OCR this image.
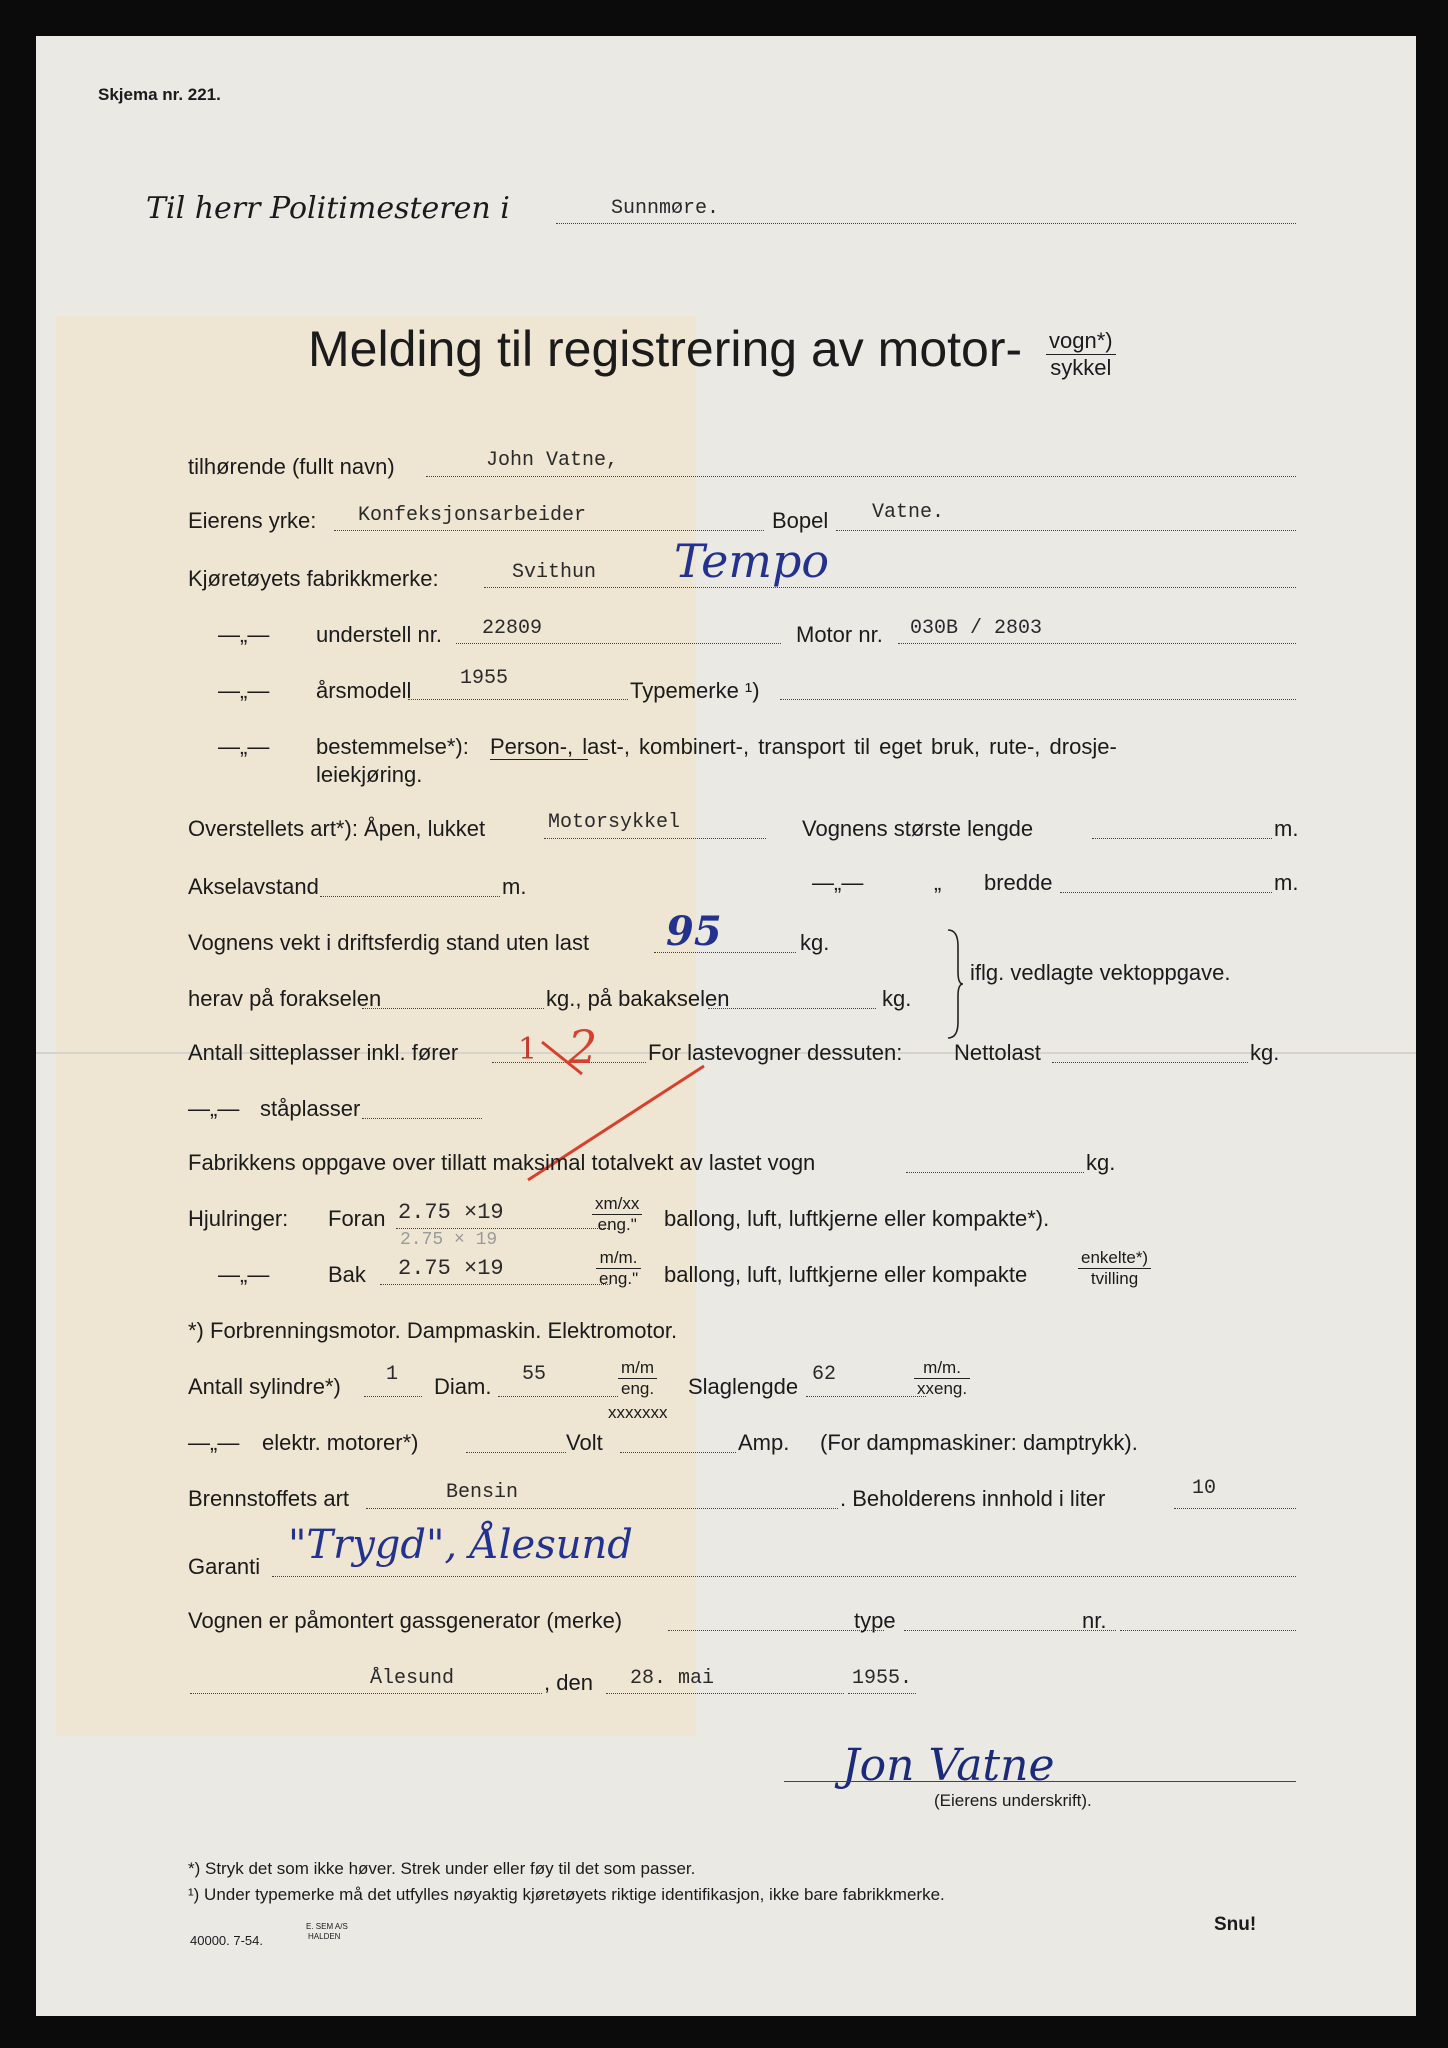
Skjema nr. 221.
Til herr Politimesteren i	Sunnmøre.
Melding til registrering av motor- vogn*)
sykkel
tilhørende (fullt navn)	John Vatne,
Eierens yrke: Konfeksjonsarbeider	Bopel Vatne.
Kjøretøyets fabrikkmerke:	Svithun Tempo
—„— understell nr. 22809	Motor nr. 030B / 2803
—„— årsmodell 1955	Typemerke ¹)
—„— bestemmelse*): Person-, last-, kombinert-, transport til eget bruk, rute-, drosje-
leiekjøring.
Overstellets art*): Åpen, lukket	Motorsykkel	Vognens største lengde	m.
Akselavstand	m.	—„—	„ bredde	m.
Vognens vekt i driftsferdig stand uten last 95	kg.
herav på forakselen	kg., på bakakselen	kg.
iflg. vedlagte vektoppgave.
Antall sitteplasser inkl. fører 1 2 For lastevogner dessuten: Nettolast	kg.
—„— ståplasser
Fabrikkens oppgave over tillatt maksimal totalvekt av lastet vogn	kg.
Hjulringer: Foran 2.75 ×19
2.75 × 19
xm/xx
eng." ballong, luft, luftkjerne eller kompakte*).
—„—	Bak 2.75 ×19	m/m.
eng." ballong, luft, luftkjerne eller kompakte
enkelte*)
tvilling
*) Forbrenningsmotor. Dampmaskin. Elektromotor.
Antall sylindre*) 1 Diam. 55	m/m
eng.
xxxxxxx
Slaglengde 62	m/m.
xxeng.
—„— elektr. motorer*)	Volt	Amp. (For dampmaskiner: damptrykk).
Brennstoffets art	Bensin	. Beholderens innhold i liter	10
Garanti "Trygd", Ålesund
Vognen er påmontert gassgenerator (merke)	type	nr.
Ålesund	, den 28. mai	1955.
Jon Vatne
(Eierens underskrift).
*) Stryk det som ikke høver. Strek under eller føy til det som passer.
¹) Under typemerke må det utfylles nøyaktig kjøretøyets riktige identifikasjon, ikke bare fabrikkmerke.
40000. 7-54.
E. SEM A/S
HALDEN
Snu!
